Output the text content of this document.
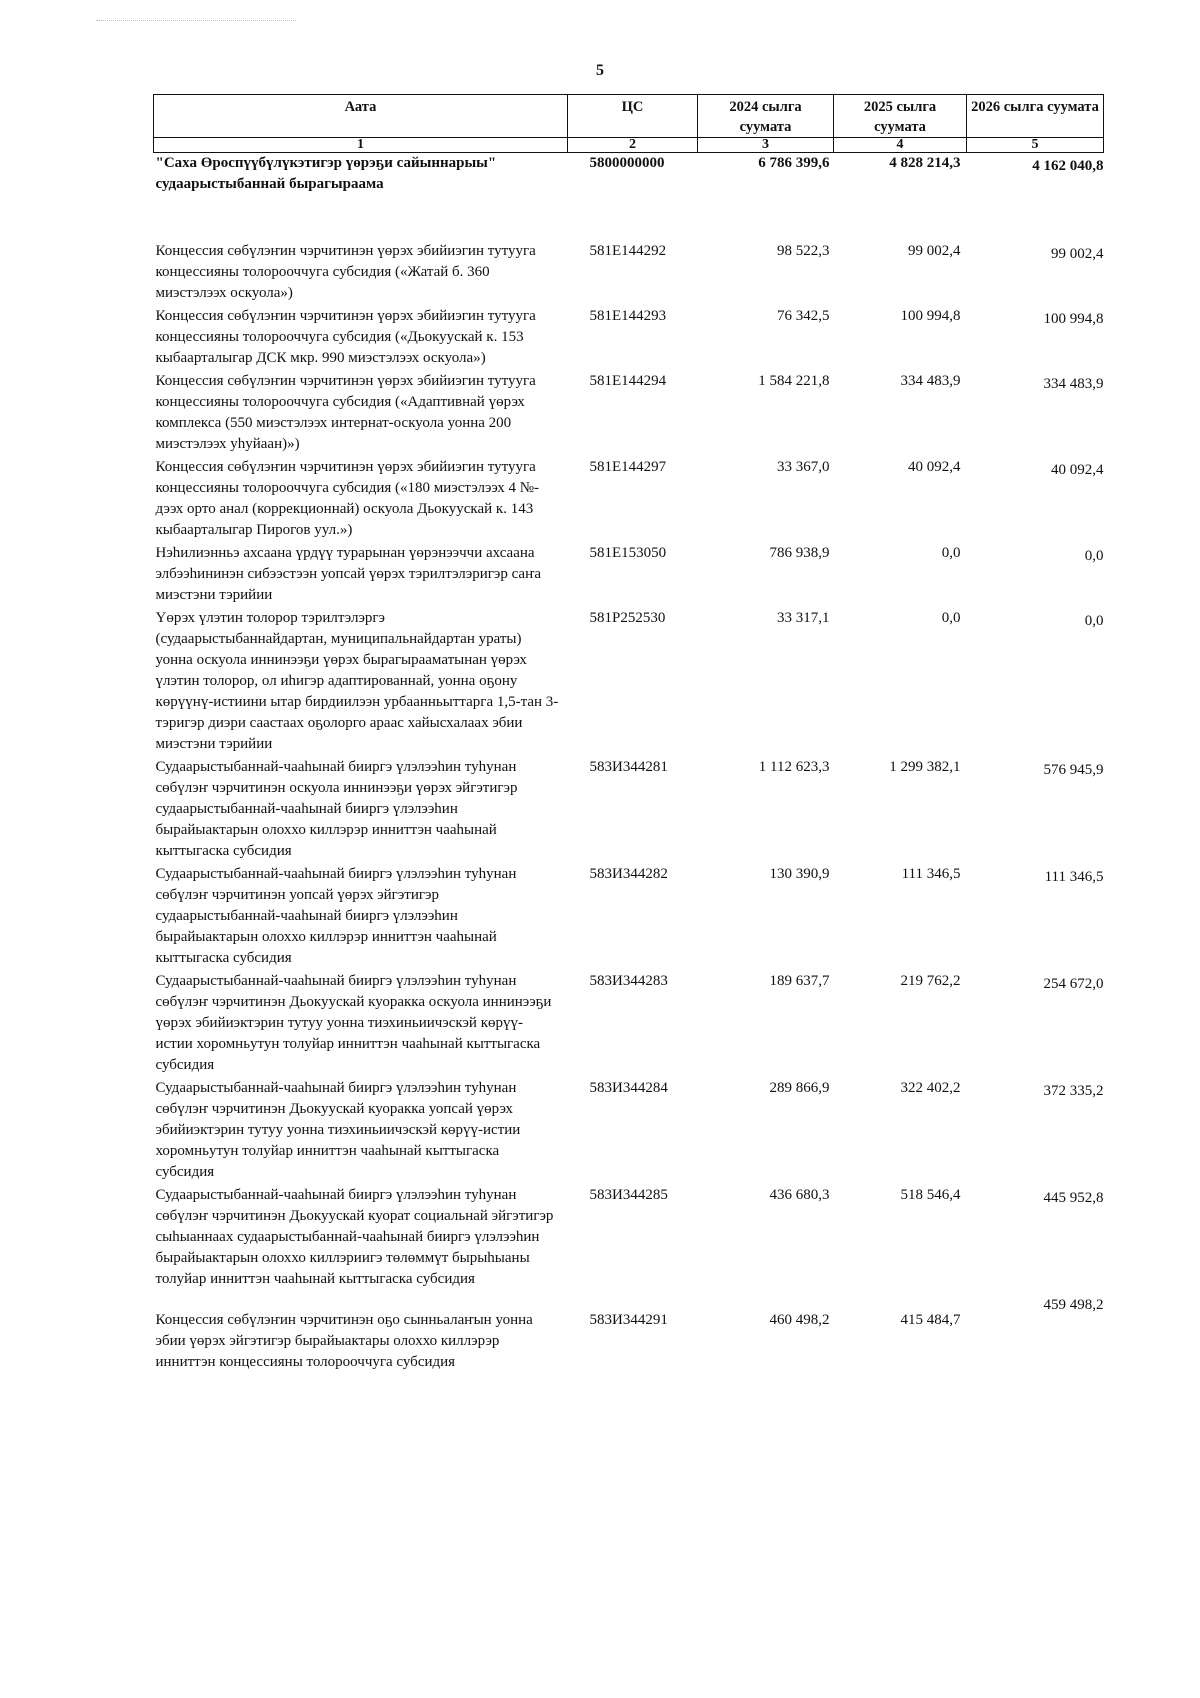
5
Аата	ЦС	2024 сылга суумата	2025 сылга суумата	2026 сылга суумата
1	2	3	4	5
"Саха Өроспүүбүлүкэтигэр үөрэҕи сайыннарыы" судаарыстыбаннай бырагыраама	5800000000	6 786 399,6	4 828 214,3	4 162 040,8
Концессия сөбүлэҥин чэрчитинэн үөрэх эбийиэгин тутууга концессияны толорооччуга субсидия («Жатай б. 360 миэстэлээх оскуола»)	581Е144292	98 522,3	99 002,4	99 002,4
Концессия сөбүлэҥин чэрчитинэн үөрэх эбийиэгин тутууга концессияны толорооччуга субсидия («Дьокуускай к. 153 кыбаарталыгар ДСК мкр. 990 миэстэлээх оскуола»)	581Е144293	76 342,5	100 994,8	100 994,8
Концессия сөбүлэҥин чэрчитинэн үөрэх эбийиэгин тутууга концессияны толорооччуга субсидия («Адаптивнай үөрэх комплекса (550 миэстэлээх интернат-оскуола уонна 200 миэстэлээх уһуйаан)»)	581Е144294	1 584 221,8	334 483,9	334 483,9
Концессия сөбүлэҥин чэрчитинэн үөрэх эбийиэгин тутууга концессияны толорооччуга субсидия («180 миэстэлээх 4 №-дээх орто анал (коррекционнай) оскуола Дьокуускай к. 143 кыбаарталыгар Пирогов уул.»)	581Е144297	33 367,0	40 092,4	40 092,4
Нэһилиэнньэ ахсаана үрдүү турарынан үөрэнээччи ахсаана элбээһининэн сибээстээн уопсай үөрэх тэрилтэлэригэр саҥа миэстэни тэрийии	581Е153050	786 938,9	0,0	0,0
Үөрэх үлэтин толорор тэрилтэлэргэ (судаарыстыбаннайдартан, муниципальнайдартан ураты) уонна оскуола иннинээҕи үөрэх бырагырааматынан үөрэх үлэтин толорор, ол иһигэр адаптированнай, уонна оҕону көрүүнү-истиини ытар бирдиилээн урбаанньыттарга 1,5-тан 3-тэригэр диэри саастаах оҕолорго араас хайысхалаах эбии миэстэни тэрийии	581Р252530	33 317,1	0,0	0,0
Судаарыстыбаннай-чааһынай бииргэ үлэлээһин туһунан сөбүлэҥ чэрчитинэн оскуола иннинээҕи үөрэх эйгэтигэр судаарыстыбаннай-чааһынай бииргэ үлэлээһин бырайыактарын олоххо киллэрэр инниттэн чааһынай кыттыгаска субсидия	583И344281	1 112 623,3	1 299 382,1	576 945,9
Судаарыстыбаннай-чааһынай бииргэ үлэлээһин туһунан сөбүлэҥ чэрчитинэн уопсай үөрэх эйгэтигэр судаарыстыбаннай-чааһынай бииргэ үлэлээһин бырайыактарын олоххо киллэрэр инниттэн чааһынай кыттыгаска субсидия	583И344282	130 390,9	111 346,5	111 346,5
Судаарыстыбаннай-чааһынай бииргэ үлэлээһин туһунан сөбүлэҥ чэрчитинэн Дьокуускай куоракка оскуола иннинээҕи үөрэх эбийиэктэрин тутуу уонна тиэхиньиичэскэй көрүү-истии хоромньутун толуйар инниттэн чааһынай кыттыгаска субсидия	583И344283	189 637,7	219 762,2	254 672,0
Судаарыстыбаннай-чааһынай бииргэ үлэлээһин туһунан сөбүлэҥ чэрчитинэн Дьокуускай куоракка уопсай үөрэх эбийиэктэрин тутуу уонна тиэхиньиичэскэй көрүү-истии хоромньутун толуйар инниттэн чааһынай кыттыгаска субсидия	583И344284	289 866,9	322 402,2	372 335,2
Судаарыстыбаннай-чааһынай бииргэ үлэлээһин туһунан сөбүлэҥ чэрчитинэн Дьокуускай куорат социальнай эйгэтигэр сыһыаннаах судаарыстыбаннай-чааһынай бииргэ үлэлээһин бырайыактарын олоххо киллэриигэ төлөммүт бырыһыаны толуйар инниттэн чааһынай кыттыгаска субсидия	583И344285	436 680,3	518 546,4	445 952,8
Концессия сөбүлэҥин чэрчитинэн оҕо сынньалаҥын уонна эбии үөрэх эйгэтигэр бырайыактары олоххо киллэрэр инниттэн концессияны толорооччуга субсидия	583И344291	460 498,2	415 484,7	459 498,2
